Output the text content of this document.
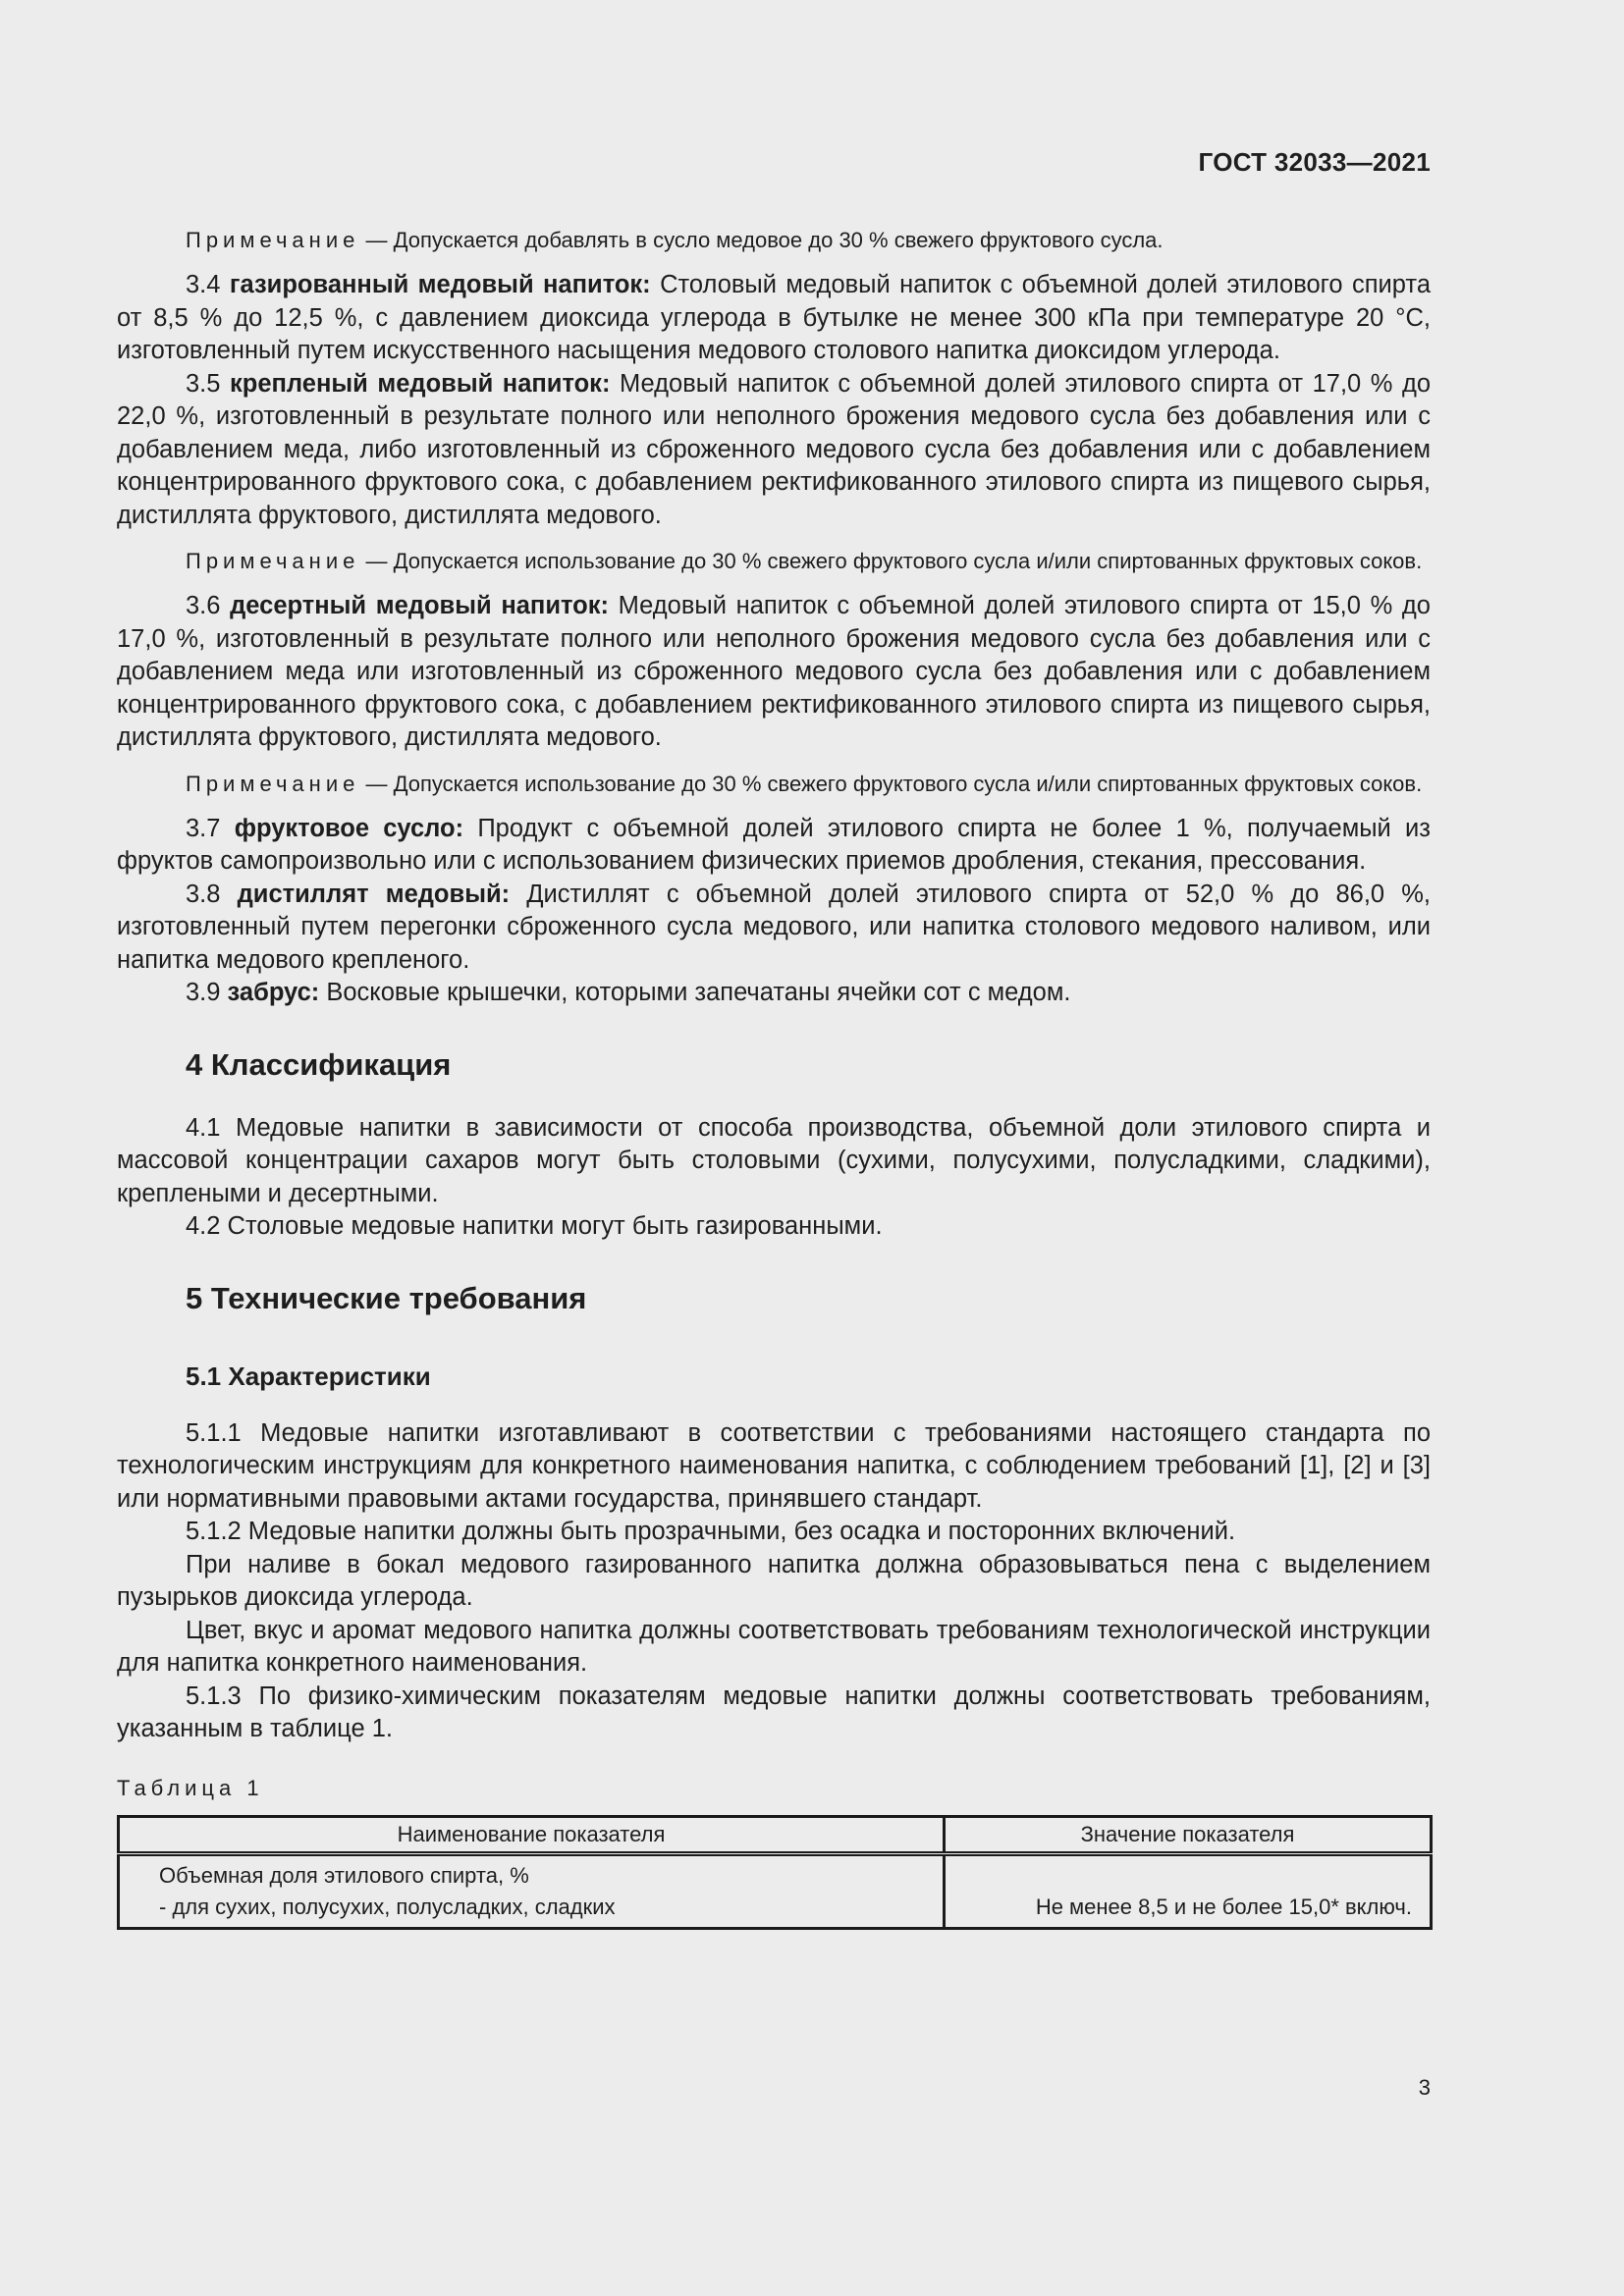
ГОСТ 32033—2021

Примечание — Допускается добавлять в сусло медовое до 30 % свежего фруктового сусла.

3.4 газированный медовый напиток: Столовый медовый напиток с объемной долей этилового спирта от 8,5 % до 12,5 %, с давлением диоксида углерода в бутылке не менее 300 кПа при температуре 20 °С, изготовленный путем искусственного насыщения медового столового напитка диоксидом углерода.

3.5 крепленый медовый напиток: Медовый напиток с объемной долей этилового спирта от 17,0 % до 22,0 %, изготовленный в результате полного или неполного брожения медового сусла без добавления или с добавлением меда, либо изготовленный из сброженного медового сусла без добавления или с добавлением концентрированного фруктового сока, с добавлением ректификованного этилового спирта из пищевого сырья, дистиллята фруктового, дистиллята медового.

Примечание — Допускается использование до 30 % свежего фруктового сусла и/или спиртованных фруктовых соков.

3.6 десертный медовый напиток: Медовый напиток с объемной долей этилового спирта от 15,0 % до 17,0 %, изготовленный в результате полного или неполного брожения медового сусла без добавления или с добавлением меда или изготовленный из сброженного медового сусла без добавления или с добавлением концентрированного фруктового сока, с добавлением ректификованного этилового спирта из пищевого сырья, дистиллята фруктового, дистиллята медового.

Примечание — Допускается использование до 30 % свежего фруктового сусла и/или спиртованных фруктовых соков.

3.7 фруктовое сусло: Продукт с объемной долей этилового спирта не более 1 %, получаемый из фруктов самопроизвольно или с использованием физических приемов дробления, стекания, прессования.

3.8 дистиллят медовый: Дистиллят с объемной долей этилового спирта от 52,0 % до 86,0 %, изготовленный путем перегонки сброженного сусла медового, или напитка столового медового наливом, или напитка медового крепленого.

3.9 забрус: Восковые крышечки, которыми запечатаны ячейки сот с медом.

4 Классификация

4.1 Медовые напитки в зависимости от способа производства, объемной доли этилового спирта и массовой концентрации сахаров могут быть столовыми (сухими, полусухими, полусладкими, сладкими), креплеными и десертными.

4.2 Столовые медовые напитки могут быть газированными.

5 Технические требования
5.1 Характеристики

5.1.1 Медовые напитки изготавливают в соответствии с требованиями настоящего стандарта по технологическим инструкциям для конкретного наименования напитка, с соблюдением требований [1], [2] и [3] или нормативными правовыми актами государства, принявшего стандарт.

5.1.2 Медовые напитки должны быть прозрачными, без осадка и посторонних включений.

При наливе в бокал медового газированного напитка должна образовываться пена с выделением пузырьков диоксида углерода.

Цвет, вкус и аромат медового напитка должны соответствовать требованиям технологической инструкции для напитка конкретного наименования.

5.1.3 По физико-химическим показателям медовые напитки должны соответствовать требованиям, указанным в таблице 1.

Таблица 1
Наименование показателя	Значение показателя

Объемная доля этилового спирта, %
- для сухих, полусухих, полусладких, сладких	Не менее 8,5 и не более 15,0* включ.
3
